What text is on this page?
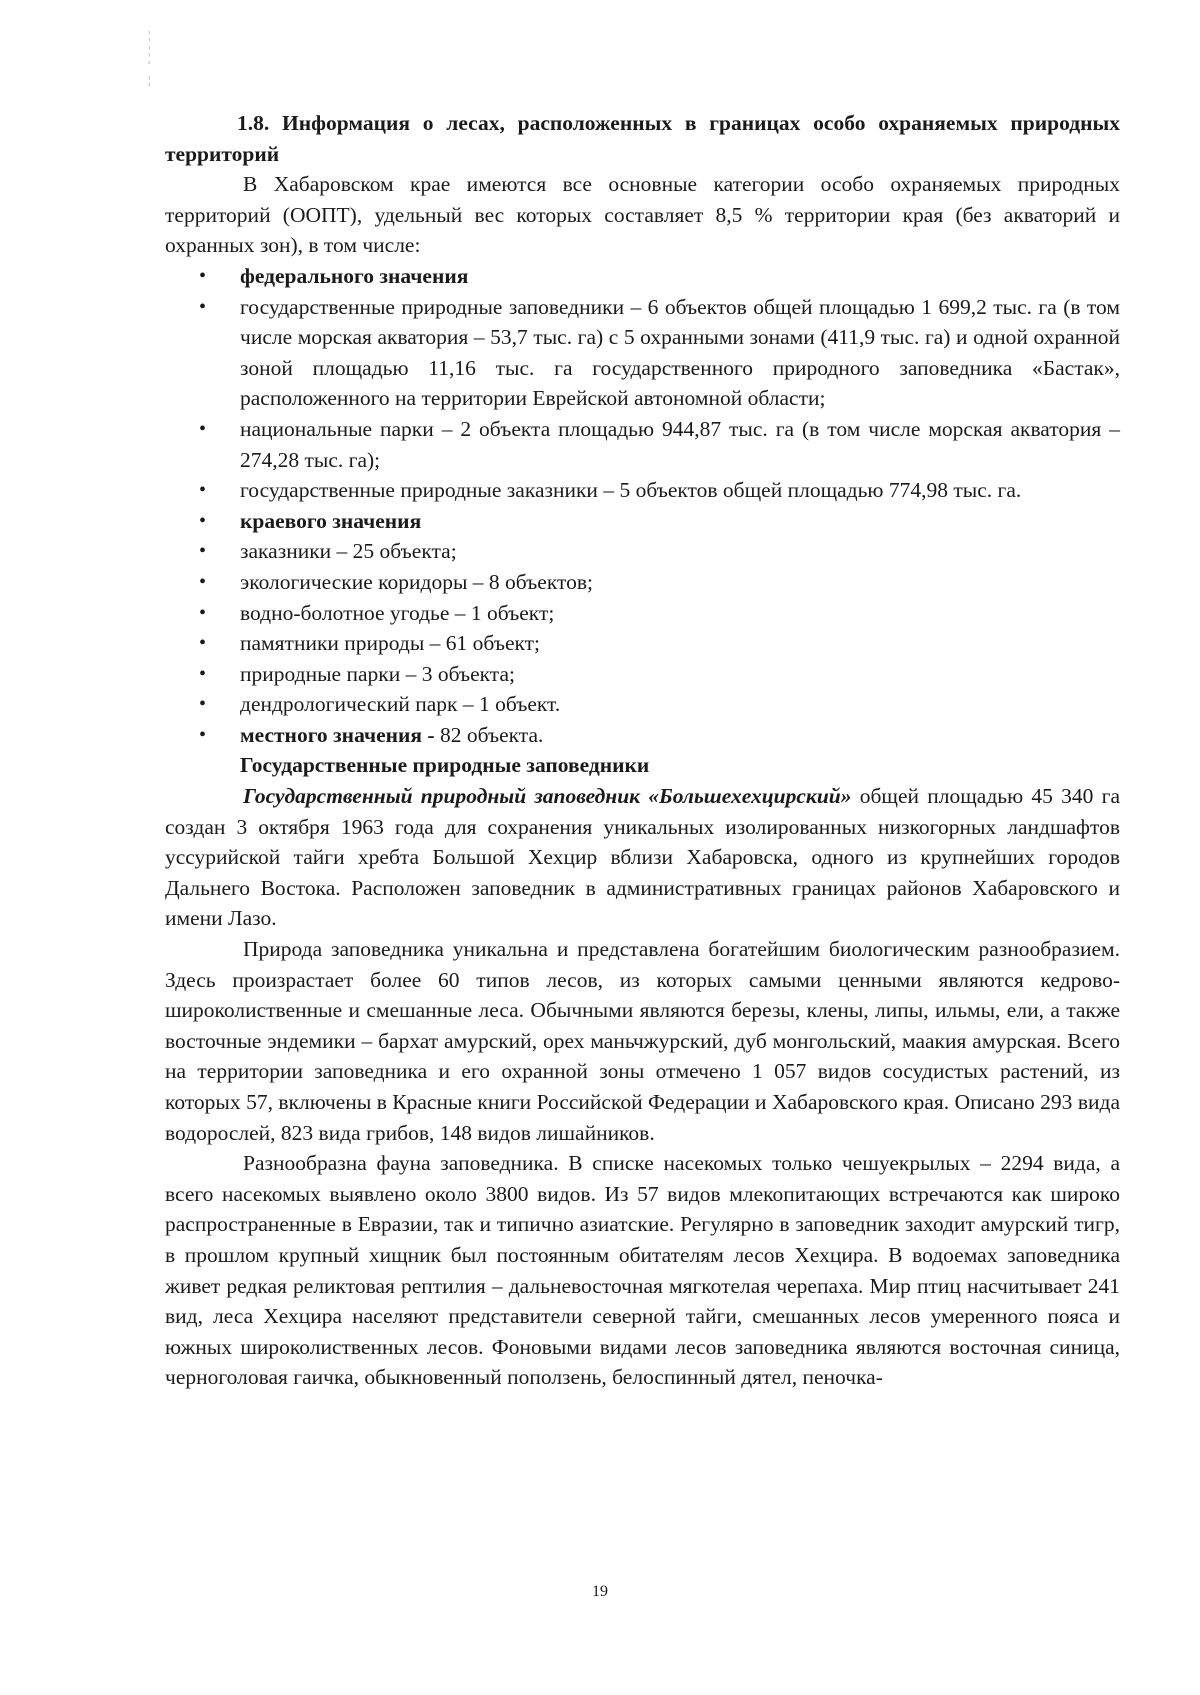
¦
¦
'
¦

1.8. Информация о лесах, расположенных в границах особо охраняемых природных территорий

В Хабаровском крае имеются все основные категории особо охраняемых природных территорий (ООПТ), удельный вес которых составляет 8,5 % территории края (без акваторий и охранных зон), в том числе:

• федерального значения
• государственные природные заповедники – 6 объектов общей площадью 1 699,2 тыс. га (в том числе морская акватория – 53,7 тыс. га) с 5 охранными зонами (411,9 тыс. га) и одной охранной зоной площадью 11,16 тыс. га государственного природного заповедника «Бастак», расположенного на территории Еврейской автономной области;
• национальные парки – 2 объекта площадью 944,87 тыс. га (в том числе морская акватория – 274,28 тыс. га);
• государственные природные заказники – 5 объектов общей площадью 774,98 тыс. га.
• краевого значения
• заказники – 25 объекта;
• экологические коридоры – 8 объектов;
• водно-болотное угодье – 1 объект;
• памятники природы – 61 объект;
• природные парки – 3 объекта;
• дендрологический парк – 1 объект.
• местного значения - 82 объекта.

Государственные природные заповедники

Государственный природный заповедник «Большехехцирский» общей площадью 45 340 га создан 3 октября 1963 года для сохранения уникальных изолированных низкогорных ландшафтов уссурийской тайги хребта Большой Хехцир вблизи Хабаровска, одного из крупнейших городов Дальнего Востока. Расположен заповедник в административных границах районов Хабаровского и имени Лазо.

Природа заповедника уникальна и представлена богатейшим биологическим разнообразием. Здесь произрастает более 60 типов лесов, из которых самыми ценными являются кедрово-широколиственные и смешанные леса. Обычными являются березы, клены, липы, ильмы, ели, а также восточные эндемики – бархат амурский, орех маньчжурский, дуб монгольский, маакия амурская. Всего на территории заповедника и его охранной зоны отмечено 1 057 видов сосудистых растений, из которых 57, включены в Красные книги Российской Федерации и Хабаровского края. Описано 293 вида водорослей, 823 вида грибов, 148 видов лишайников.

Разнообразна фауна заповедника. В списке насекомых только чешуекрылых – 2294 вида, а всего насекомых выявлено около 3800 видов. Из 57 видов млекопитающих встречаются как широко распространенные в Евразии, так и типично азиатские. Регулярно в заповедник заходит амурский тигр, в прошлом крупный хищник был постоянным обитателям лесов Хехцира. В водоемах заповедника живет редкая реликтовая рептилия – дальневосточная мягкотелая черепаха. Мир птиц насчитывает 241 вид, леса Хехцира населяют представители северной тайги, смешанных лесов умеренного пояса и южных широколиственных лесов. Фоновыми видами лесов заповедника являются восточная синица, черноголовая гаичка, обыкновенный поползень, белоспинный дятел, пеночка-

19
